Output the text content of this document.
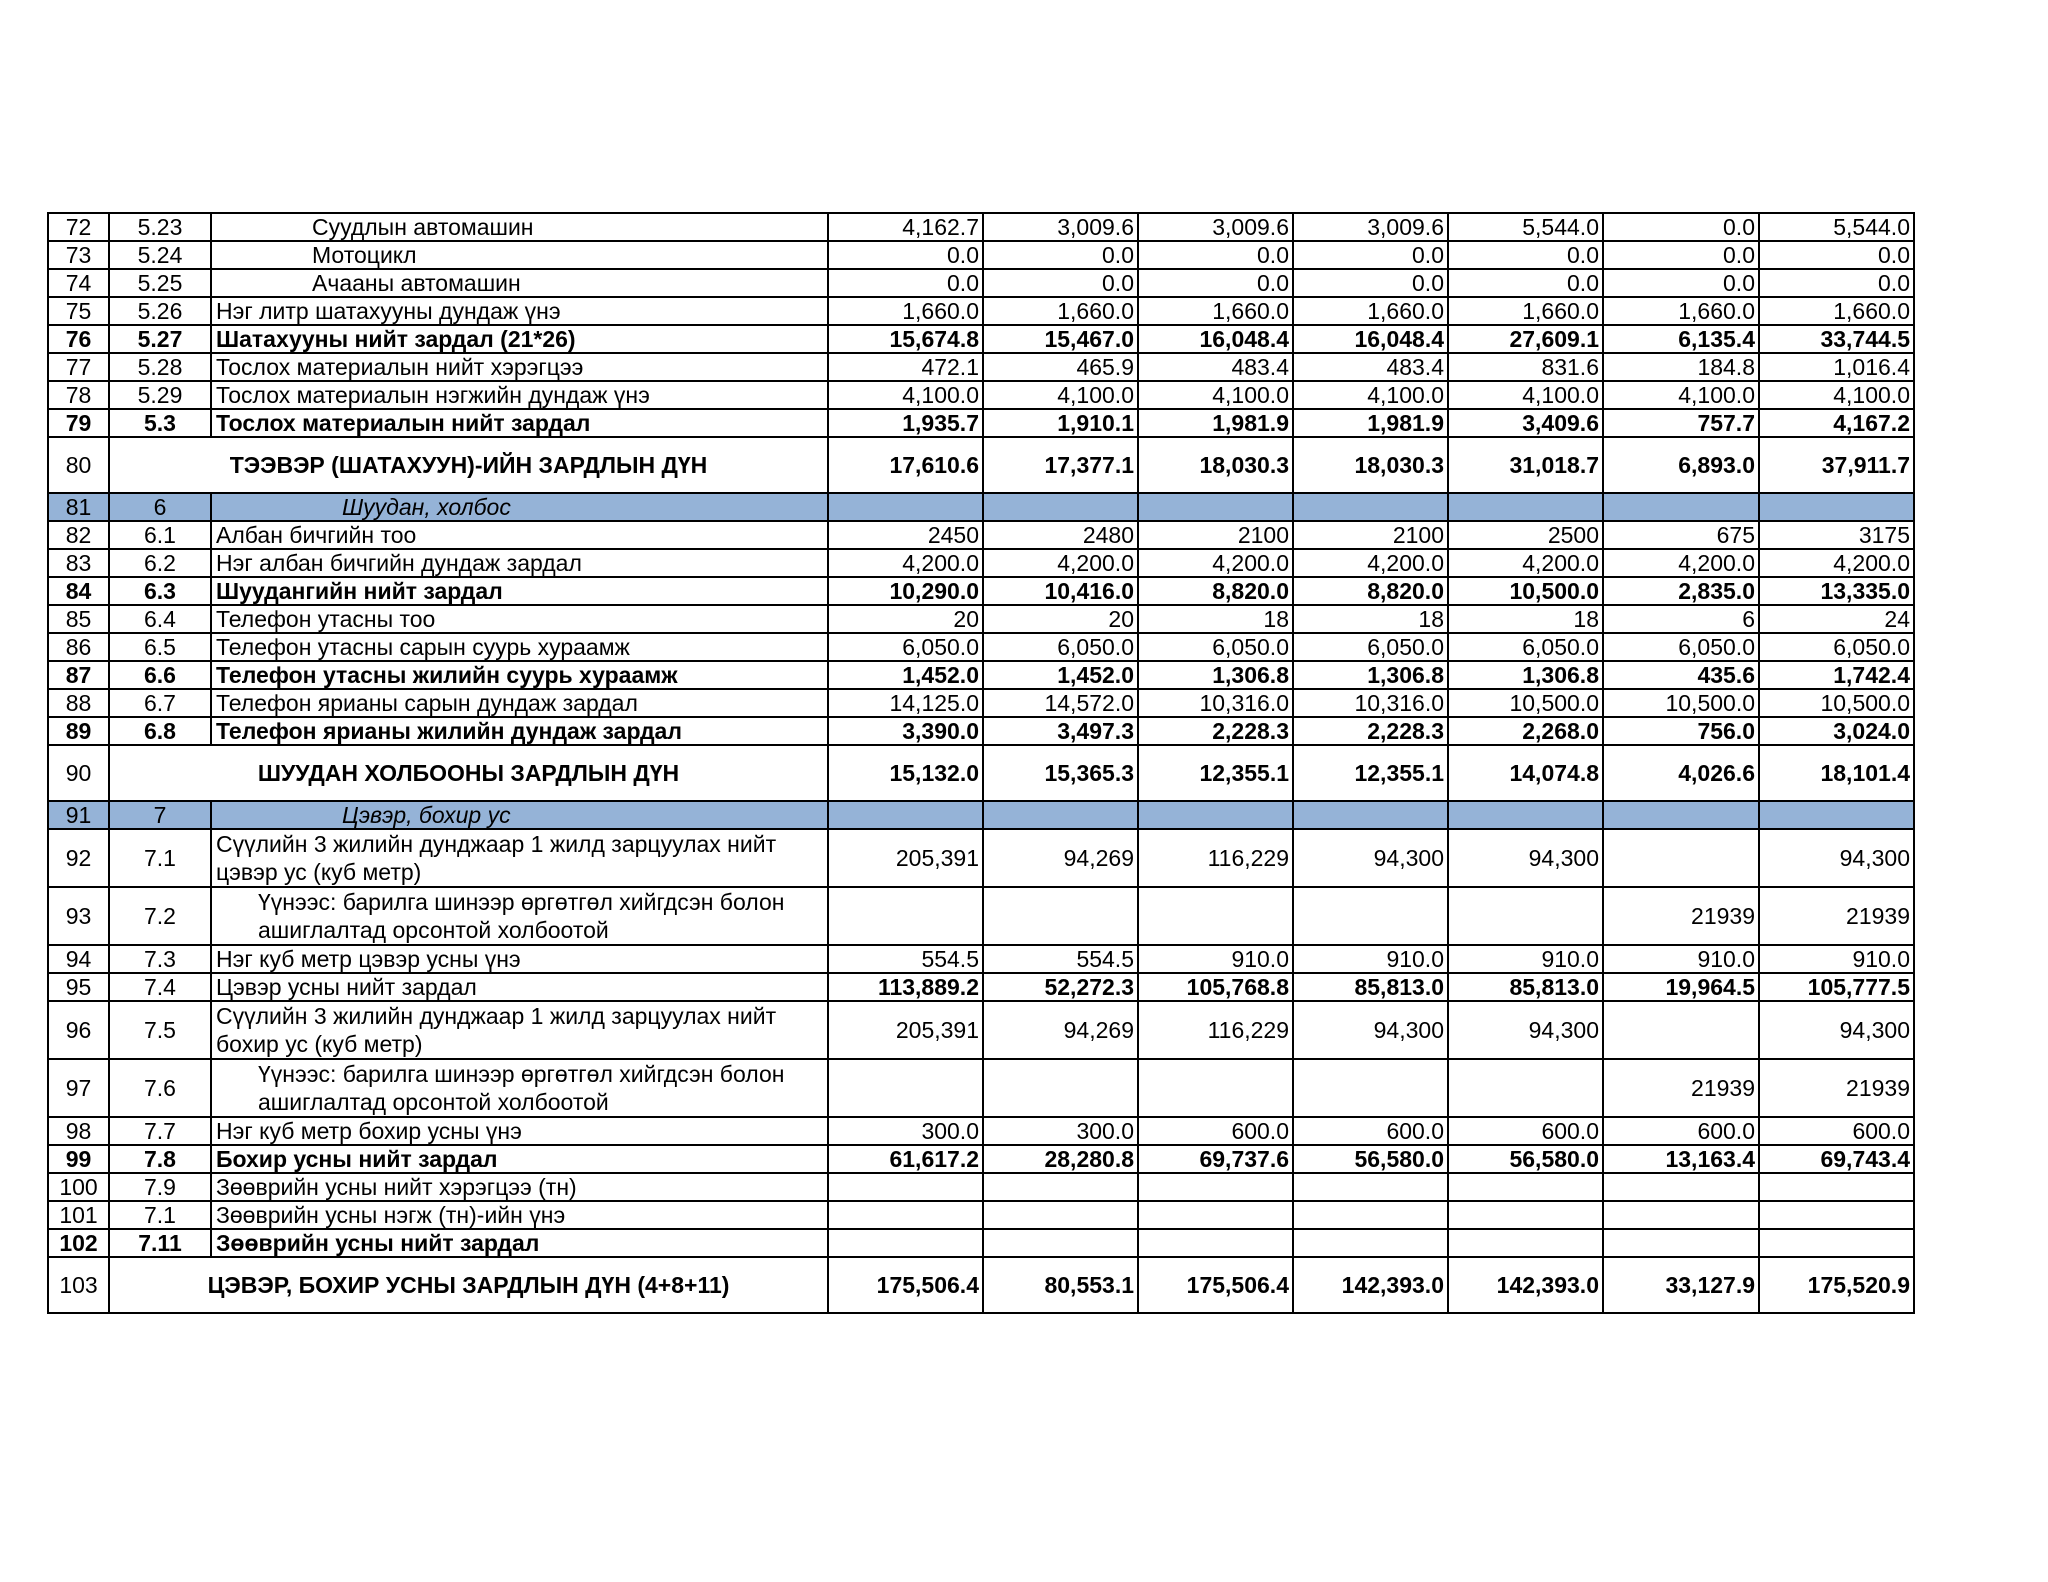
72	5.23	Суудлын автомашин	4,162.7	3,009.6	3,009.6	3,009.6	5,544.0	0.0	5,544.0
73	5.24	Мотоцикл	0.0	0.0	0.0	0.0	0.0	0.0	0.0
74	5.25	Ачааны автомашин	0.0	0.0	0.0	0.0	0.0	0.0	0.0
75	5.26	Нэг литр шатахууны дундаж үнэ	1,660.0	1,660.0	1,660.0	1,660.0	1,660.0	1,660.0	1,660.0
76	5.27	Шатахууны нийт зардал (21*26)	15,674.8	15,467.0	16,048.4	16,048.4	27,609.1	6,135.4	33,744.5
77	5.28	Тослох материалын нийт хэрэгцээ	472.1	465.9	483.4	483.4	831.6	184.8	1,016.4
78	5.29	Тослох материалын нэгжийн дундаж үнэ	4,100.0	4,100.0	4,100.0	4,100.0	4,100.0	4,100.0	4,100.0
79	5.3	Тослох материалын нийт зардал	1,935.7	1,910.1	1,981.9	1,981.9	3,409.6	757.7	4,167.2
80	ТЭЭВЭР (ШАТАХУУН)-ИЙН ЗАРДЛЫН ДҮН		17,610.6	17,377.1	18,030.3	18,030.3	31,018.7	6,893.0	37,911.7
81	6	Шуудан, холбос							
82	6.1	Албан бичгийн тоо	2450	2480	2100	2100	2500	675	3175
83	6.2	Нэг албан бичгийн дундаж зардал	4,200.0	4,200.0	4,200.0	4,200.0	4,200.0	4,200.0	4,200.0
84	6.3	Шуудангийн нийт зардал	10,290.0	10,416.0	8,820.0	8,820.0	10,500.0	2,835.0	13,335.0
85	6.4	Телефон утасны тоо	20	20	18	18	18	6	24
86	6.5	Телефон утасны сарын суурь хураамж	6,050.0	6,050.0	6,050.0	6,050.0	6,050.0	6,050.0	6,050.0
87	6.6	Телефон утасны жилийн суурь хураамж	1,452.0	1,452.0	1,306.8	1,306.8	1,306.8	435.6	1,742.4
88	6.7	Телефон ярианы сарын дундаж зардал	14,125.0	14,572.0	10,316.0	10,316.0	10,500.0	10,500.0	10,500.0
89	6.8	Телефон ярианы жилийн дундаж зардал	3,390.0	3,497.3	2,228.3	2,228.3	2,268.0	756.0	3,024.0
90	ШУУДАН ХОЛБООНЫ ЗАРДЛЫН ДҮН		15,132.0	15,365.3	12,355.1	12,355.1	14,074.8	4,026.6	18,101.4
91	7	Цэвэр, бохир ус							
92	7.1	Сүүлийн 3 жилийн дунджаар 1 жилд зарцуулах нийт цэвэр ус (куб метр)	205,391	94,269	116,229	94,300	94,300		94,300
93	7.2	Үүнээс: барилга шинээр өргөтгөл хийгдсэн болон ашиглалтад орсонтой холбоотой						21939	21939
94	7.3	Нэг куб метр цэвэр усны үнэ	554.5	554.5	910.0	910.0	910.0	910.0	910.0
95	7.4	Цэвэр усны нийт зардал	113,889.2	52,272.3	105,768.8	85,813.0	85,813.0	19,964.5	105,777.5
96	7.5	Сүүлийн 3 жилийн дунджаар 1 жилд зарцуулах нийт бохир ус (куб метр)	205,391	94,269	116,229	94,300	94,300		94,300
97	7.6	Үүнээс: барилга шинээр өргөтгөл хийгдсэн болон ашиглалтад орсонтой холбоотой						21939	21939
98	7.7	Нэг куб метр бохир усны үнэ	300.0	300.0	600.0	600.0	600.0	600.0	600.0
99	7.8	Бохир усны нийт зардал	61,617.2	28,280.8	69,737.6	56,580.0	56,580.0	13,163.4	69,743.4
100	7.9	Зөөврийн усны нийт хэрэгцээ (тн)							
101	7.1	Зөөврийн усны нэгж (тн)-ийн үнэ							
102	7.11	Зөөврийн усны нийт зардал							
103	ЦЭВЭР, БОХИР УСНЫ ЗАРДЛЫН ДҮН (4+8+11)		175,506.4	80,553.1	175,506.4	142,393.0	142,393.0	33,127.9	175,520.9
